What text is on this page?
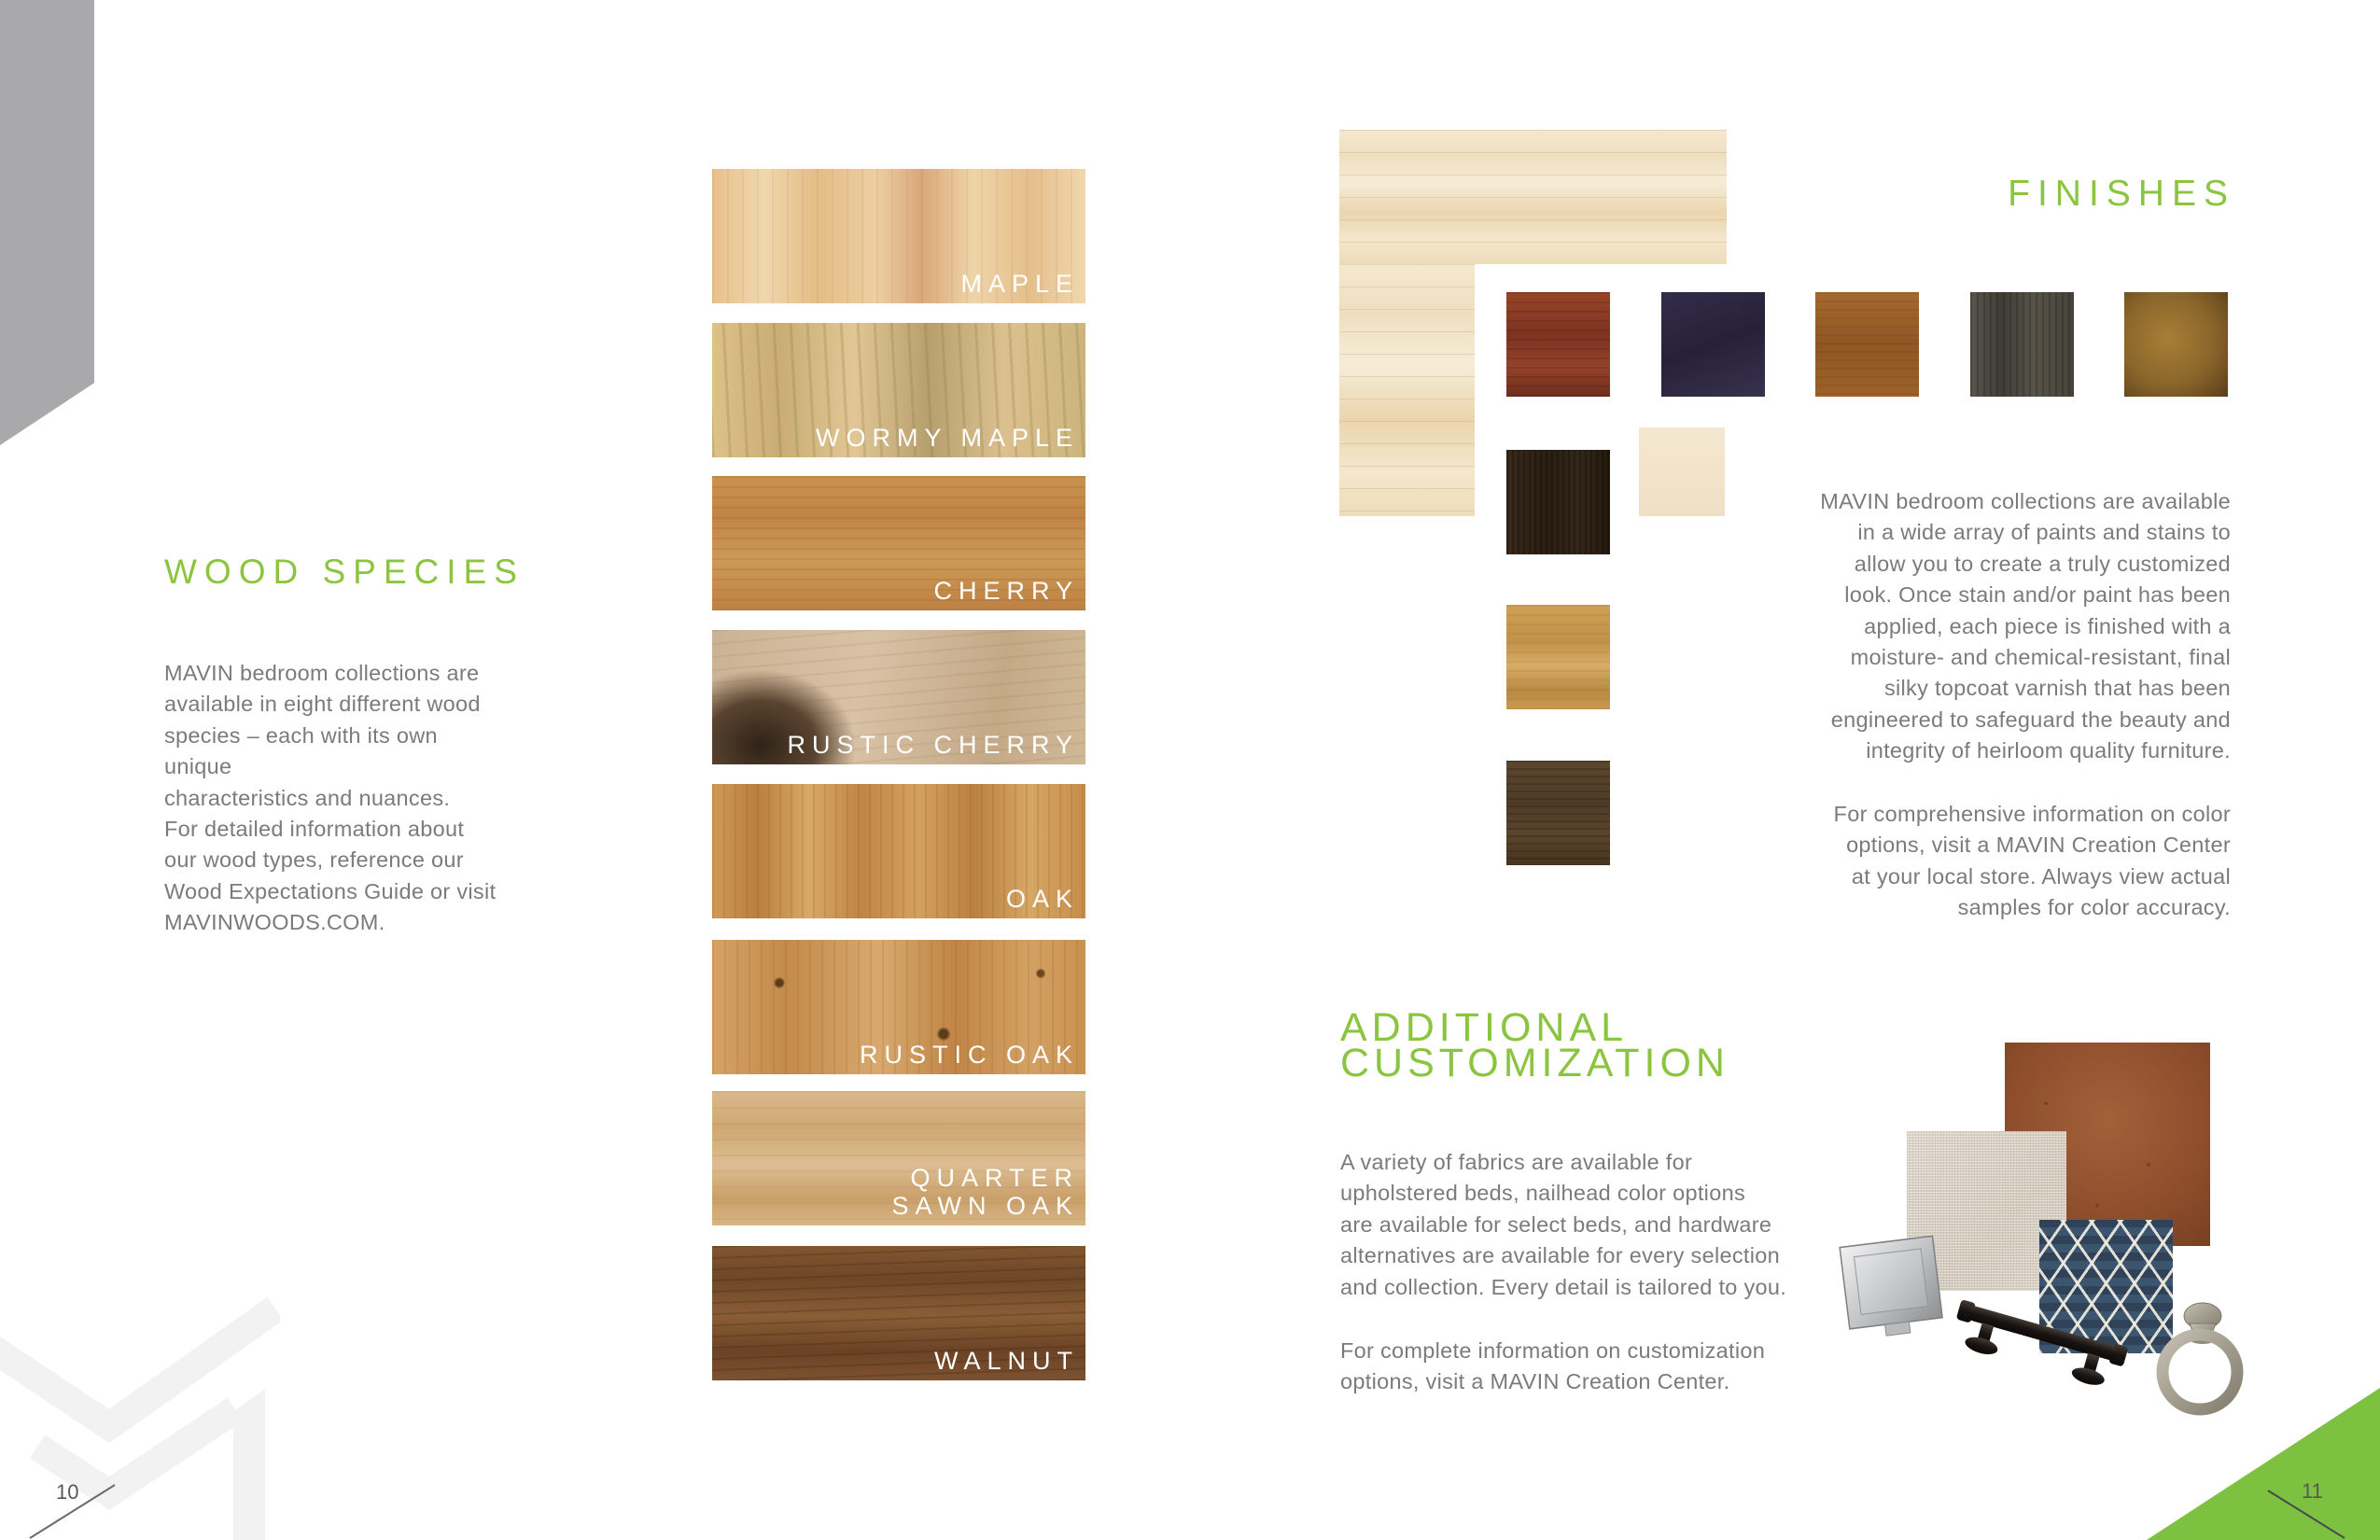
WOOD SPECIES
MAVIN bedroom collections are
available in eight different wood
species – each with its own unique
characteristics and nuances.
For detailed information about
our wood types, reference our
Wood Expectations Guide or visit
MAVINWOODS.COM.
MAPLE
WORMY MAPLE
CHERRY
RUSTIC CHERRY
OAK
RUSTIC OAK
QUARTER
SAWN OAK
WALNUT
10
FINISHES
MAVIN bedroom collections are available
in a wide array of paints and stains to
allow you to create a truly customized
look. Once stain and/or paint has been
applied, each piece is finished with a
moisture- and chemical-resistant, final
silky topcoat varnish that has been
engineered to safeguard the beauty and
integrity of heirloom quality furniture.
For comprehensive information on color
options, visit a MAVIN Creation Center
at your local store. Always view actual
samples for color accuracy.
ADDITIONAL
CUSTOMIZATION
A variety of fabrics are available for
upholstered beds, nailhead color options
are available for select beds, and hardware
alternatives are available for every selection
and collection. Every detail is tailored to you.
For complete information on customization
options, visit a MAVIN Creation Center.
11
